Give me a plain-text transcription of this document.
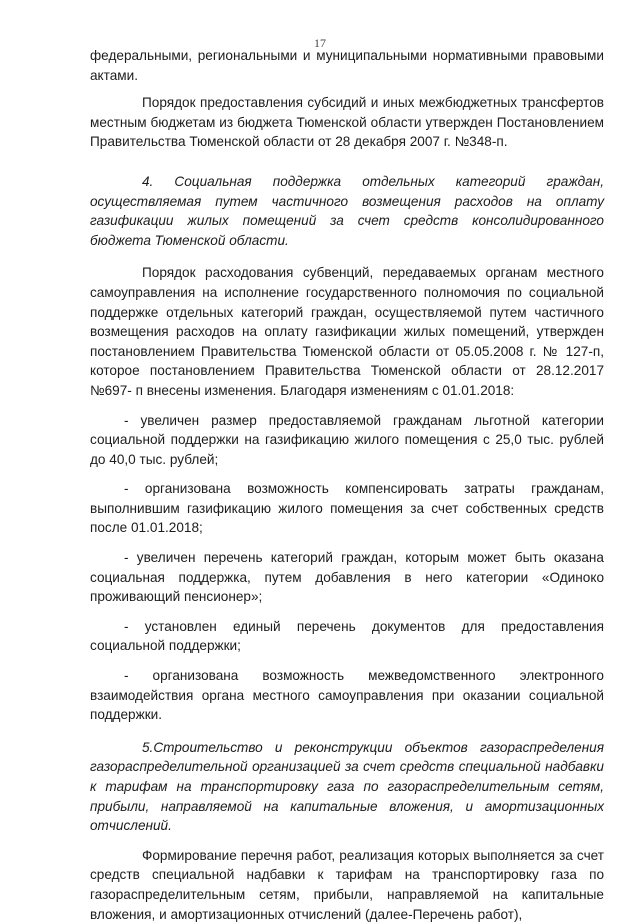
17

федеральными, региональными и муниципальными нормативными правовыми актами.

Порядок предоставления субсидий и иных межбюджетных трансфертов местным бюджетам из бюджета Тюменской области утвержден Постановлением Правительства Тюменской области от 28 декабря 2007 г. №348-п.

4. Социальная поддержка отдельных категорий граждан, осуществляемая путем частичного возмещения расходов на оплату газификации жилых помещений за счет средств консолидированного бюджета Тюменской области.

Порядок расходования субвенций, передаваемых органам местного самоуправления на исполнение государственного полномочия по социальной поддержке отдельных категорий граждан, осуществляемой путем частичного возмещения расходов на оплату газификации жилых помещений, утвержден постановлением Правительства Тюменской области от 05.05.2008 г. № 127-п, которое постановлением Правительства Тюменской области от 28.12.2017 №697- п внесены изменения. Благодаря изменениям с 01.01.2018:

- увеличен размер предоставляемой гражданам льготной категории социальной поддержки на газификацию жилого помещения с 25,0 тыс. рублей до 40,0 тыс. рублей;

- организована возможность компенсировать затраты гражданам, выполнившим газификацию жилого помещения за счет собственных средств после 01.01.2018;

- увеличен перечень категорий граждан, которым может быть оказана социальная поддержка, путем добавления в него категории «Одиноко проживающий пенсионер»;

- установлен единый перечень документов для предоставления социальной поддержки;

- организована возможность межведомственного электронного взаимодействия органа местного самоуправления при оказании социальной поддержки.

5.Строительство и реконструкции объектов газораспределения газораспределительной организацией за счет средств специальной надбавки к тарифам на транспортировку газа по газораспределительным сетям, прибыли, направляемой на капитальные вложения, и амортизационных отчислений.

Формирование перечня работ, реализация которых выполняется за счет средств специальной надбавки к тарифам на транспортировку газа по газораспределительным сетям, прибыли, направляемой на капитальные вложения, и амортизационных отчислений (далее-Перечень работ),
